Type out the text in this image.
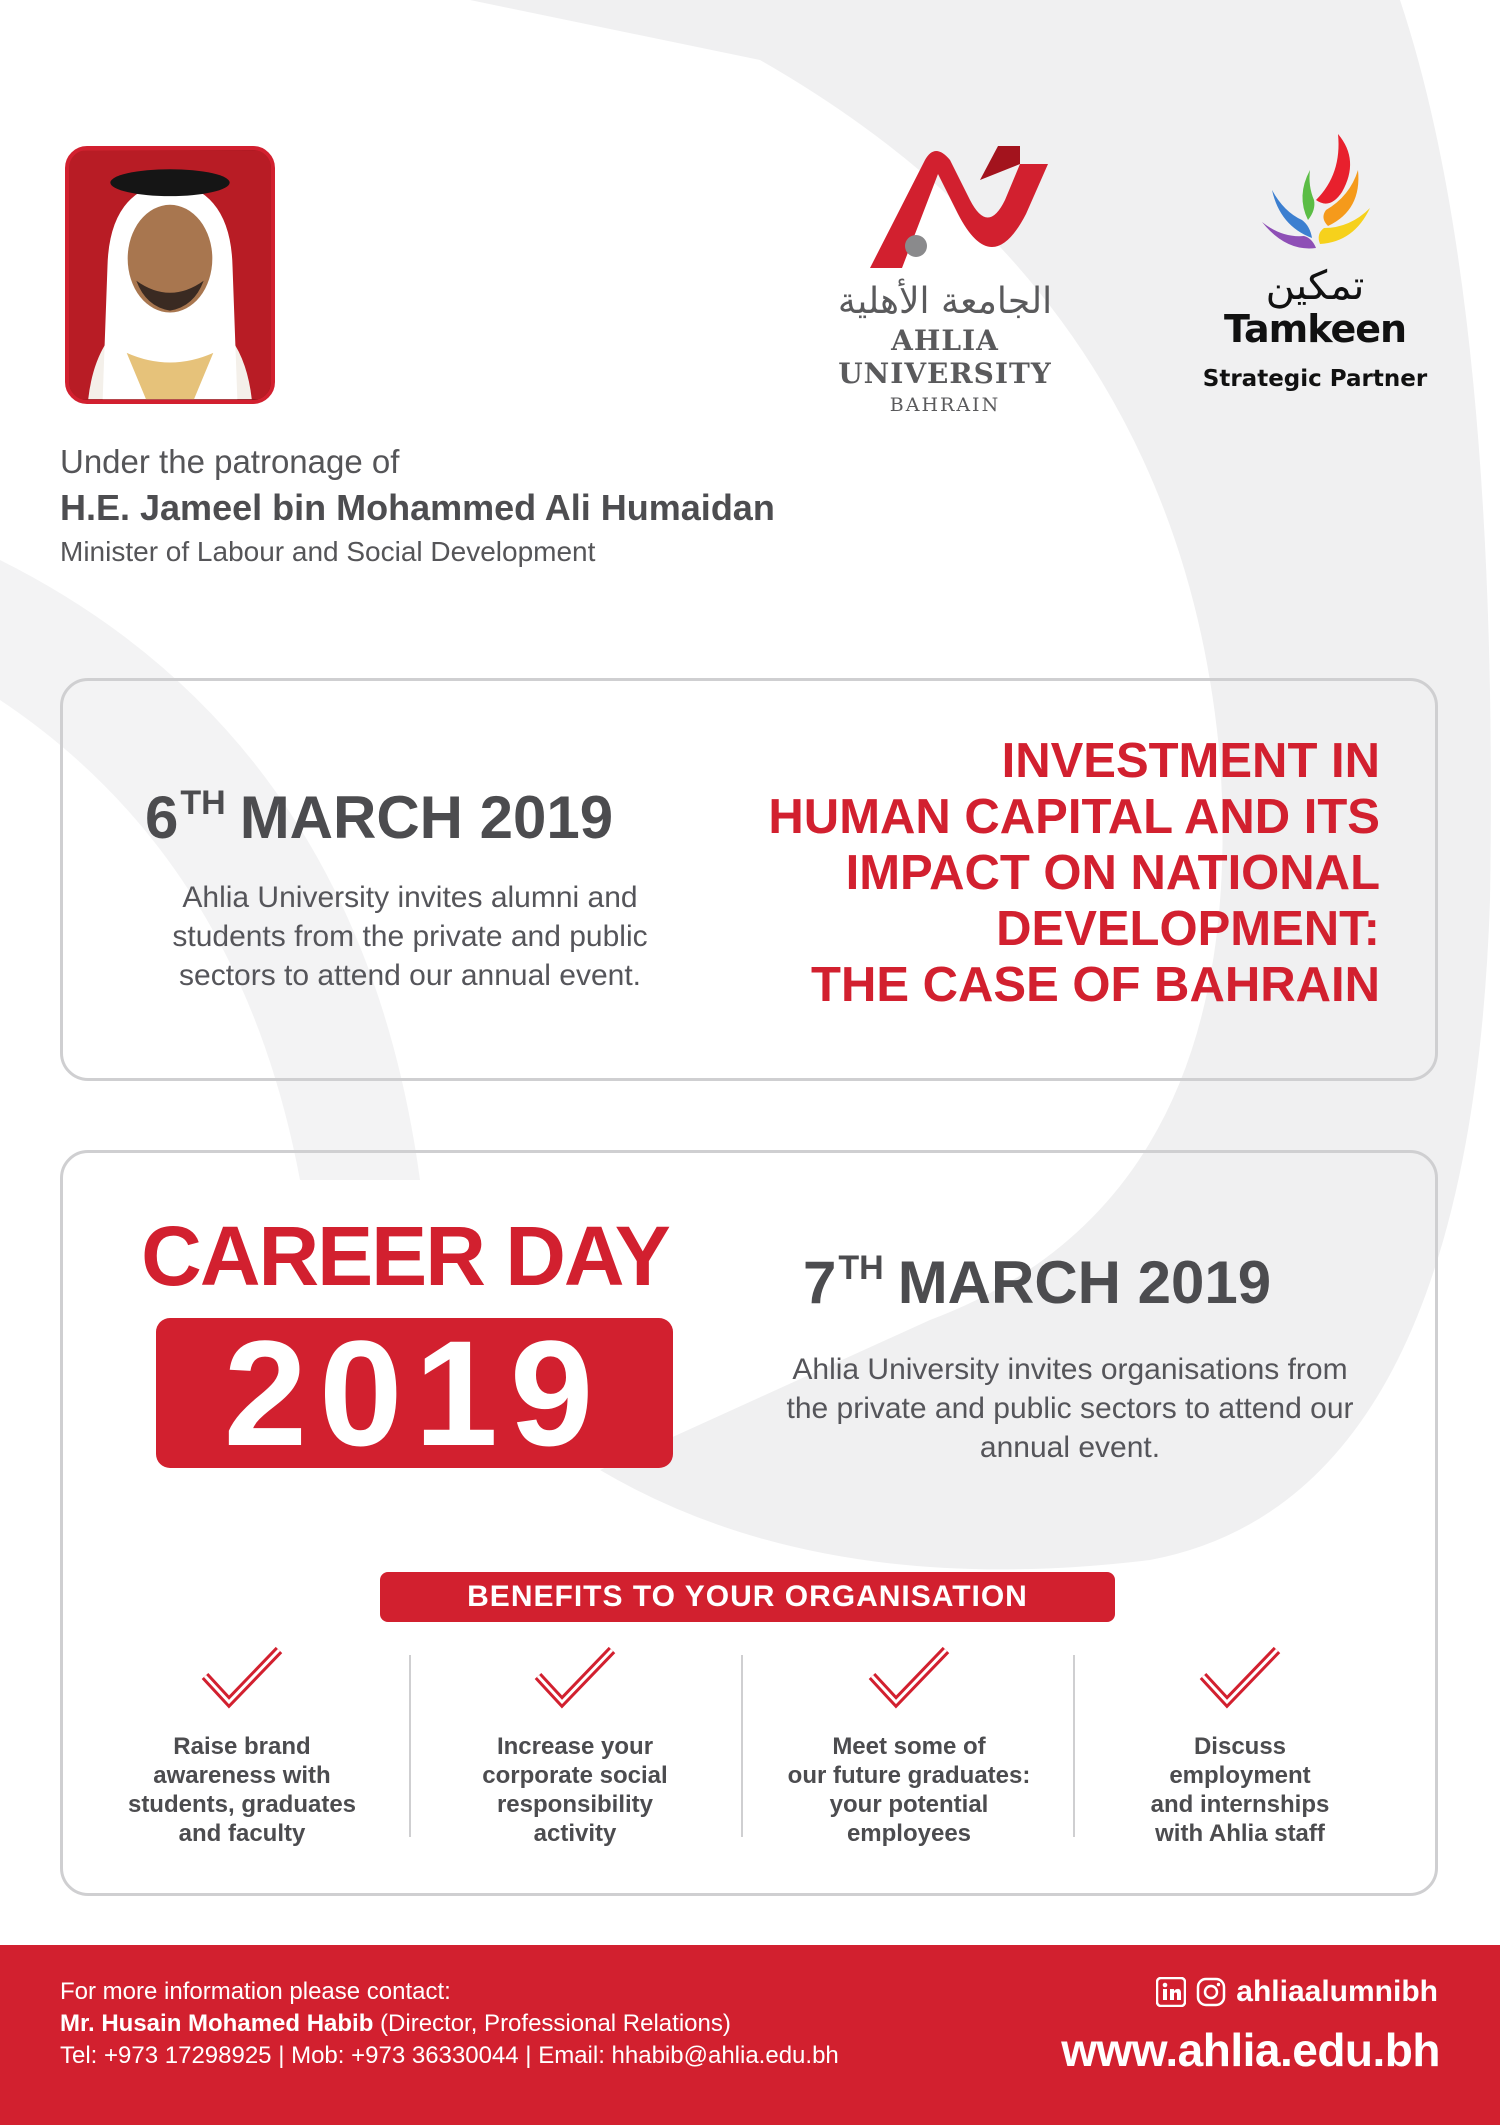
الجامعة الأهلية
AHLIA UNIVERSITY
BAHRAIN
تمكين
Tamkeen
Strategic Partner
Under the patronage of
H.E. Jameel bin Mohammed Ali Humaidan
Minister of Labour and Social Development
6TH MARCH 2019
Ahlia University invites alumni and
students from the private and public
sectors to attend our annual event.
INVESTMENT IN
HUMAN CAPITAL AND ITS
IMPACT ON NATIONAL
DEVELOPMENT:
THE CASE OF BAHRAIN
CAREER DAY
2019
7TH MARCH 2019
Ahlia University invites organisations from
the private and public sectors to attend our
annual event.
BENEFITS TO YOUR ORGANISATION
Raise brand
awareness with
students, graduates
and faculty
Increase your
corporate social
responsibility
activity
Meet some of
our future graduates:
your potential
employees
Discuss
employment
and internships
with Ahlia staff
For more information please contact:
Mr. Husain Mohamed Habib (Director, Professional Relations)
Tel: +973 17298925 | Mob: +973 36330044 | Email: hhabib@ahlia.edu.bh
ahliaalumnibh
www.ahlia.edu.bh
